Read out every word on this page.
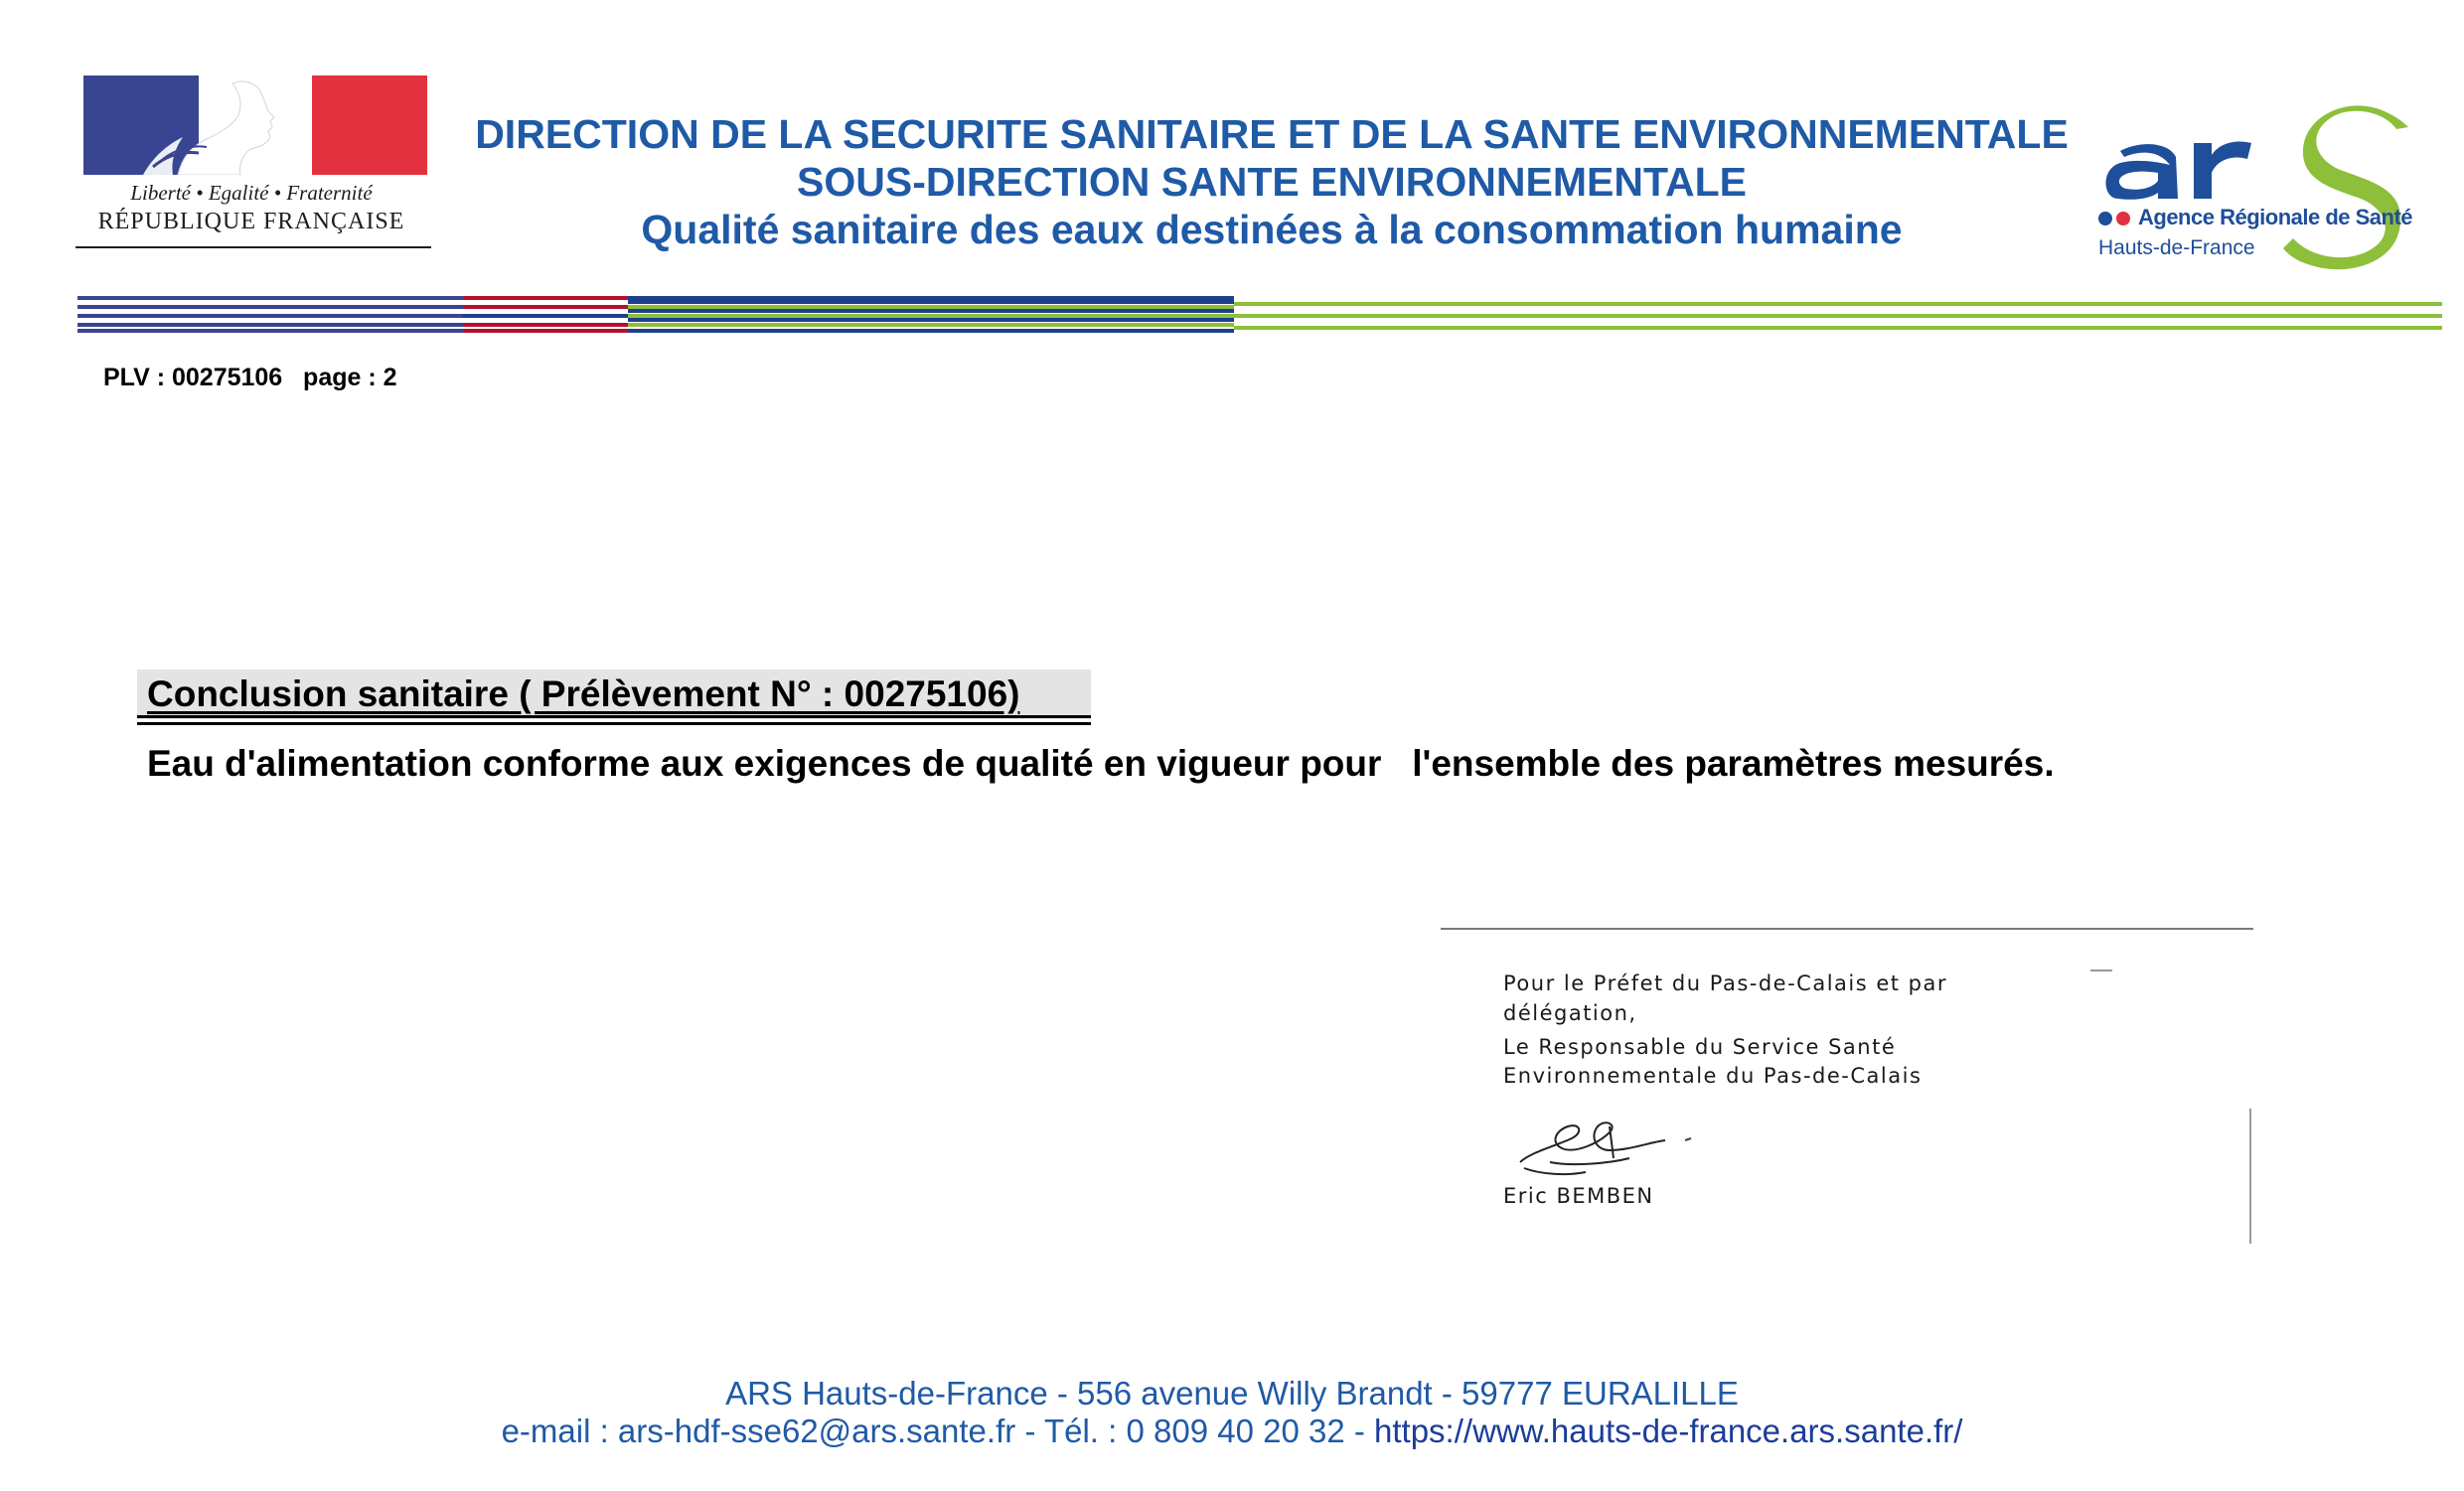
Liberté • Egalité • Fraternité
RÉPUBLIQUE FRANÇAISE
DIRECTION DE LA SECURITE SANITAIRE ET DE LA SANTE ENVIRONNEMENTALE
SOUS-DIRECTION SANTE ENVIRONNEMENTALE
Qualité sanitaire des eaux destinées à la consommation humaine	Agence Régionale de Santé
Hauts-de-France
PLV : 00275106   page : 2
Conclusion sanitaire ( Prélèvement N° : 00275106)
Eau d'alimentation conforme aux exigences de qualité en vigueur pour   l'ensemble des paramètres mesurés.
Pour le Préfet du Pas-de-Calais et par
délégation,
Le Responsable du Service Santé
Environnementale du Pas-de-Calais
Eric BEMBEN
ARS Hauts-de-France - 556 avenue Willy Brandt - 59777 EURALILLE
e-mail : ars-hdf-sse62@ars.sante.fr - Tél. : 0 809 40 20 32 - https://www.hauts-de-france.ars.sante.fr/
